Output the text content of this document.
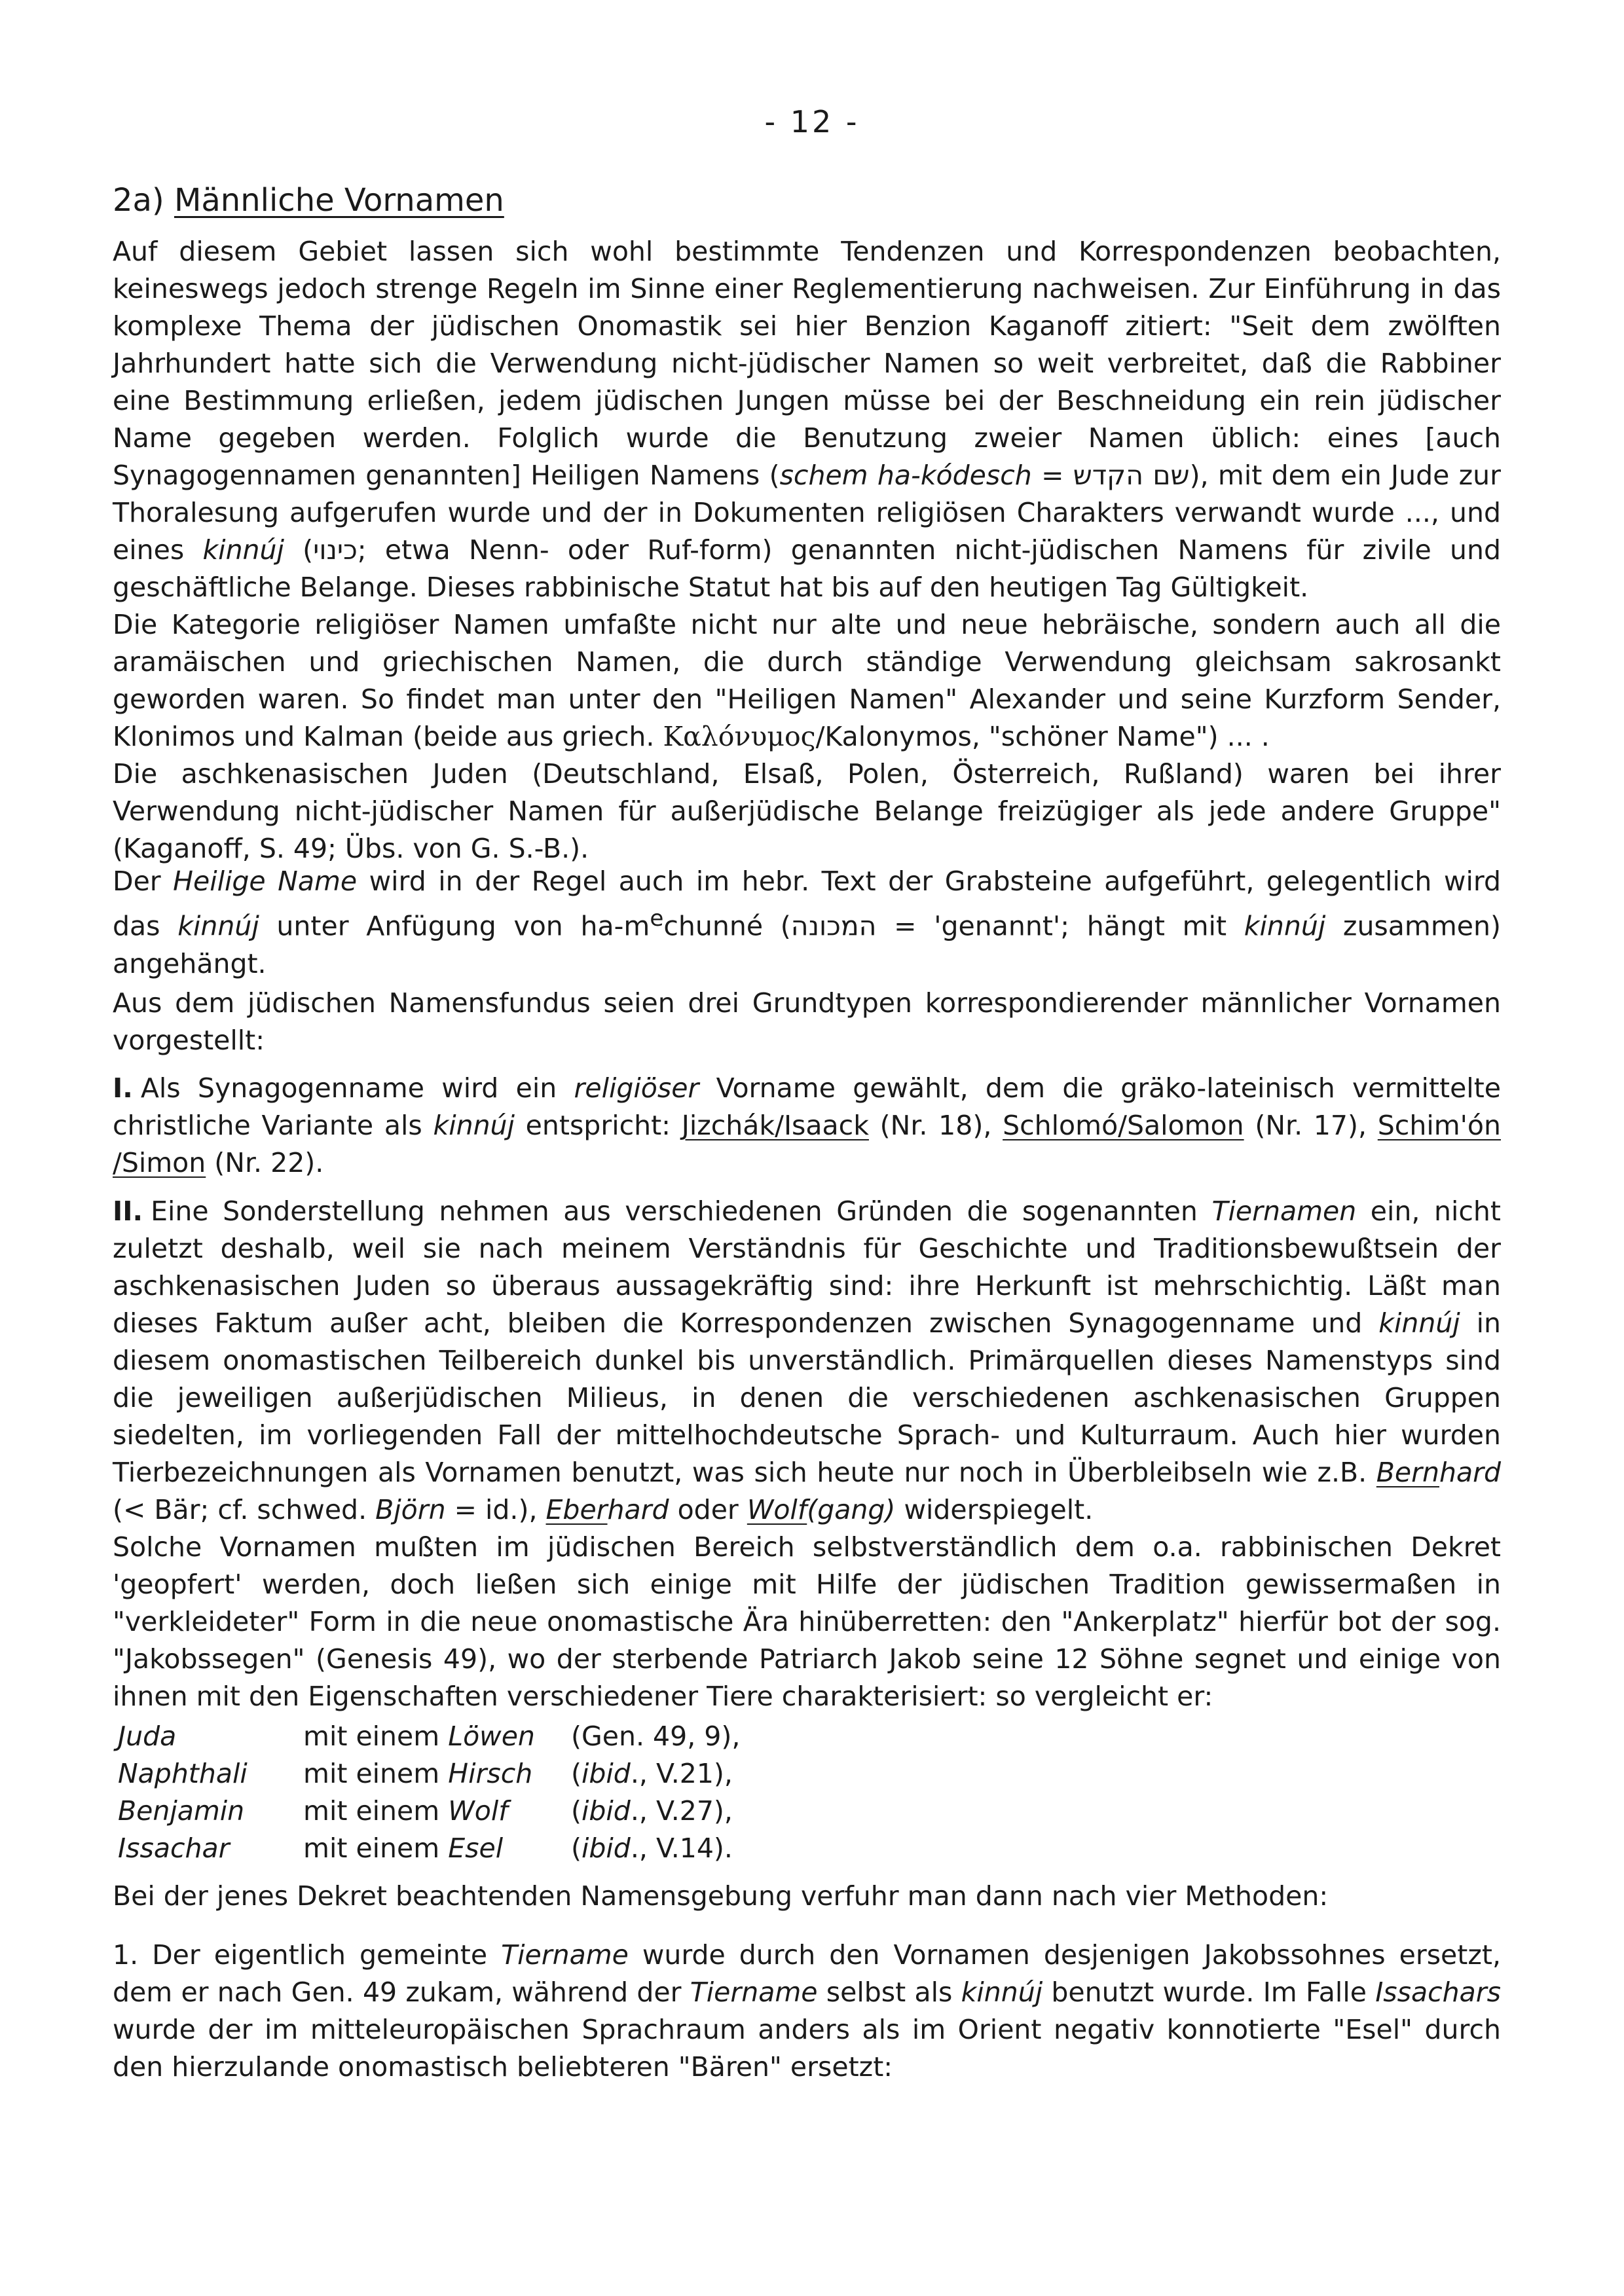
- 12 -
2a) Männliche Vornamen

Auf diesem Gebiet lassen sich wohl bestimmte Tendenzen und Korrespondenzen beobachten, keineswegs jedoch strenge Regeln im Sinne einer Reglementierung nachweisen. Zur Einführung in das komplexe Thema der jüdischen Onomastik sei hier Benzion Kaganoff zitiert: "Seit dem zwölften Jahrhundert hatte sich die Verwendung nicht-jüdischer Namen so weit verbreitet, daß die Rabbiner eine Bestimmung erließen, jedem jüdischen Jungen müsse bei der Beschneidung ein rein jüdischer Name gegeben werden. Folglich wurde die Benutzung zweier Namen üblich: eines [auch Synagogennamen genannten] Heiligen Namens (schem ha-kódesch = שם הקדש), mit dem ein Jude zur Thoralesung aufgerufen wurde und der in Dokumenten religiösen Charakters verwandt wurde ..., und eines kinnúj (כינוי; etwa Nenn- oder Ruf-form) genannten nicht-jüdischen Namens für zivile und geschäftliche Belange. Dieses rabbinische Statut hat bis auf den heutigen Tag Gültigkeit.

Die Kategorie religiöser Namen umfaßte nicht nur alte und neue hebräische, sondern auch all die aramäischen und griechischen Namen, die durch ständige Verwendung gleichsam sakrosankt geworden waren. So findet man unter den "Heiligen Namen" Alexander und seine Kurzform Sender, Klonimos und Kalman (beide aus griech. Καλόνυμος/Kalonymos, "schöner Name") ... .

Die aschkenasischen Juden (Deutschland, Elsaß, Polen, Österreich, Rußland) waren bei ihrer Verwendung nicht-jüdischer Namen für außerjüdische Belange freizügiger als jede andere Gruppe" (Kaganoff, S. 49; Übs. von G. S.-B.).

Der Heilige Name wird in der Regel auch im hebr. Text der Grabsteine aufgeführt, gelegentlich wird das kinnúj unter Anfügung von $ha-m^echunné$ (המכונה = 'genannt'; hängt mit kinnúj zusammen) angehängt.

Aus dem jüdischen Namensfundus seien drei Grundtypen korrespondierender männlicher Vornamen vorgestellt:

I. Als Synagogenname wird ein religiöser Vorname gewählt, dem die gräko-lateinisch vermittelte christliche Variante als kinnúj entspricht: Jizchák/Isaack (Nr. 18), Schlomó/Salomon (Nr. 17), Schim'ón /Simon (Nr. 22).

II. Eine Sonderstellung nehmen aus verschiedenen Gründen die sogenannten Tiernamen ein, nicht zuletzt deshalb, weil sie nach meinem Verständnis für Geschichte und Traditionsbewußtsein der aschkenasischen Juden so überaus aussagekräftig sind: ihre Herkunft ist mehrschichtig. Läßt man dieses Faktum außer acht, bleiben die Korrespondenzen zwischen Synagogenname und kinnúj in diesem onomastischen Teilbereich dunkel bis unverständlich. Primärquellen dieses Namenstyps sind die jeweiligen außerjüdischen Milieus, in denen die verschiedenen aschkenasischen Gruppen siedelten, im vorliegenden Fall der mittelhochdeutsche Sprach- und Kulturraum. Auch hier wurden Tierbezeichnungen als Vornamen benutzt, was sich heute nur noch in Überbleibseln wie z.B. Bernhard (< Bär; cf. schwed. Björn = id.), Eberhard oder Wolf(gang) widerspiegelt.

Solche Vornamen mußten im jüdischen Bereich selbstverständlich dem o.a. rabbinischen Dekret 'geopfert' werden, doch ließen sich einige mit Hilfe der jüdischen Tradition gewissermaßen in "verkleideter" Form in die neue onomastische Ära hinüberretten: den "Ankerplatz" hierfür bot der sog. "Jakobssegen" (Genesis 49), wo der sterbende Patriarch Jakob seine 12 Söhne segnet und einige von ihnen mit den Eigenschaften verschiedener Tiere charakterisiert: so vergleicht er:

Juda	mit einem Löwen (Gen. 49, 9),
Naphthali mit einem Hirsch (ibid., V.21),
Benjamin mit einem Wolf (ibid., V.27),
Issachar	mit einem Esel	(ibid., V.14).

Bei der jenes Dekret beachtenden Namensgebung verfuhr man dann nach vier Methoden:

1. Der eigentlich gemeinte Tiername wurde durch den Vornamen desjenigen Jakobssohnes ersetzt, dem er nach Gen. 49 zukam, während der Tiername selbst als kinnúj benutzt wurde. Im Falle Issachars wurde der im mitteleuropäischen Sprachraum anders als im Orient negativ konnotierte "Esel" durch den hierzulande onomastisch beliebteren "Bären" ersetzt:
